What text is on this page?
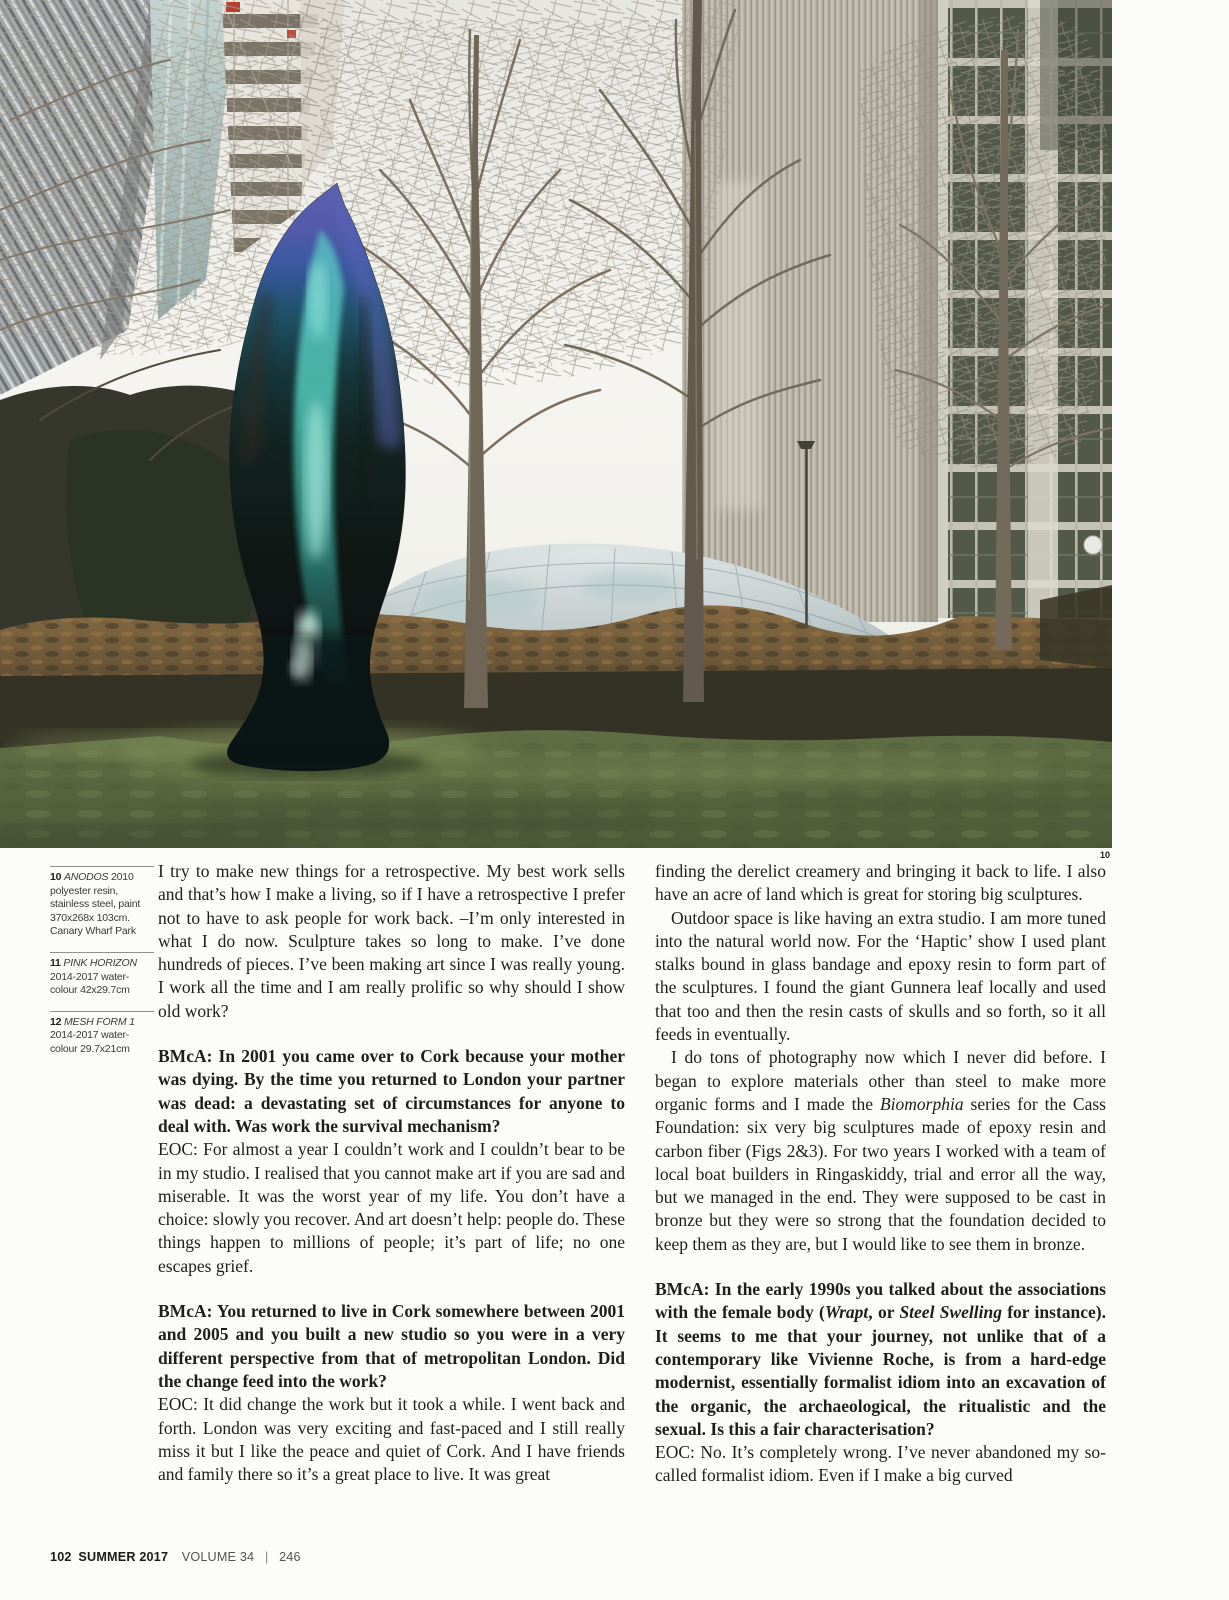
10
10 ANODOS 2010 polyester resin, stainless steel, paint 370x268x 103cm. Canary Wharf Park
11 PINK HORIZON 2014-2017 water-colour 42x29.7cm
12 MESH FORM 1 2014-2017 water-colour 29.7x21cm

I try to make new things for a retrospective. My best work sells and that’s how I make a living, so if I have a retrospective I prefer not to have to ask people for work back. –I’m only interested in what I do now. Sculpture takes so long to make. I’ve done hundreds of pieces. I’ve been making art since I was really young. I work all the time and I am really prolific so why should I show old work?

BMcA: In 2001 you came over to Cork because your mother was dying. By the time you returned to London your partner was dead: a devastating set of circumstances for anyone to deal with. Was work the survival mechanism?

EOC: For almost a year I couldn’t work and I couldn’t bear to be in my studio. I realised that you cannot make art if you are sad and miserable. It was the worst year of my life. You don’t have a choice: slowly you recover. And art doesn’t help: people do. These things happen to millions of people; it’s part of life; no one escapes grief.

BMcA: You returned to live in Cork somewhere between 2001 and 2005 and you built a new studio so you were in a very different perspective from that of metropolitan London. Did the change feed into the work?

EOC: It did change the work but it took a while. I went back and forth. London was very exciting and fast-paced and I still really miss it but I like the peace and quiet of Cork. And I have friends and family there so it’s a great place to live. It was great

finding the derelict creamery and bringing it back to life. I also have an acre of land which is great for storing big sculptures.

Outdoor space is like having an extra studio. I am more tuned into the natural world now. For the ‘Haptic’ show I used plant stalks bound in glass bandage and epoxy resin to form part of the sculptures. I found the giant Gunnera leaf locally and used that too and then the resin casts of skulls and so forth, so it all feeds in eventually.

I do tons of photography now which I never did before. I began to explore materials other than steel to make more organic forms and I made the Biomorphia series for the Cass Foundation: six very big sculptures made of epoxy resin and carbon fiber (Figs 2&3). For two years I worked with a team of local boat builders in Ringaskiddy, trial and error all the way, but we managed in the end. They were supposed to be cast in bronze but they were so strong that the foundation decided to keep them as they are, but I would like to see them in bronze.

BMcA: In the early 1990s you talked about the associations with the female body (Wrapt, or Steel Swelling for instance). It seems to me that your journey, not unlike that of a contemporary like Vivienne Roche, is from a hard-edge modernist, essentially formalist idiom into an excavation of the organic, the archaeological, the ritualistic and the sexual. Is this a fair characterisation?

EOC: No. It’s completely wrong. I’ve never abandoned my so-called formalist idiom. Even if I make a big curved

102 SUMMER 2017 VOLUME 34 | 246
